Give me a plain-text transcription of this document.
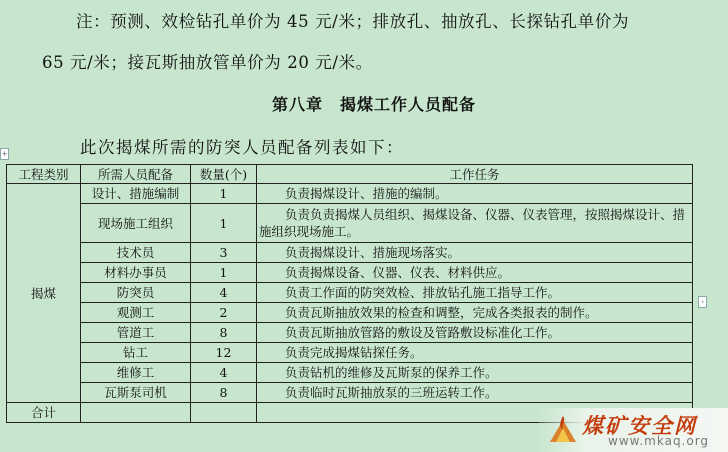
注：预测、效检钻孔单价为 45 元/米；排放孔、抽放孔、长探钻孔单价为
65 元/米；接瓦斯抽放管单价为 20 元/米。
第八章　揭煤工作人员配备
此次揭煤所需的防突人员配备列表如下：
+
›
工程类别	所需人员配备	数量(个)	工作任务
揭煤	设计、措施编制	1	负责揭煤设计、措施的编制。
	现场施工组织	1	负责负责揭煤人员组织、揭煤设备、仪器、仪表管理，按照揭煤设计、措施组织现场施工。
	技术员	3	负责揭煤设计、措施现场落实。
	材料办事员	1	负责揭煤设备、仪器、仪表、材料供应。
	防突员	4	负责工作面的防突效检、排放钻孔施工指导工作。
	观测工	2	负责瓦斯抽放效果的检查和调整，完成各类报表的制作。
	管道工	8	负责瓦斯抽放管路的敷设及管路敷设标准化工作。
	钻工	12	负责完成揭煤钻探任务。
	维修工	4	负责钻机的维修及瓦斯泵的保养工作。
	瓦斯泵司机	8	负责临时瓦斯抽放泵的三班运转工作。
合计			
煤矿安全网
www.mkaq.org
